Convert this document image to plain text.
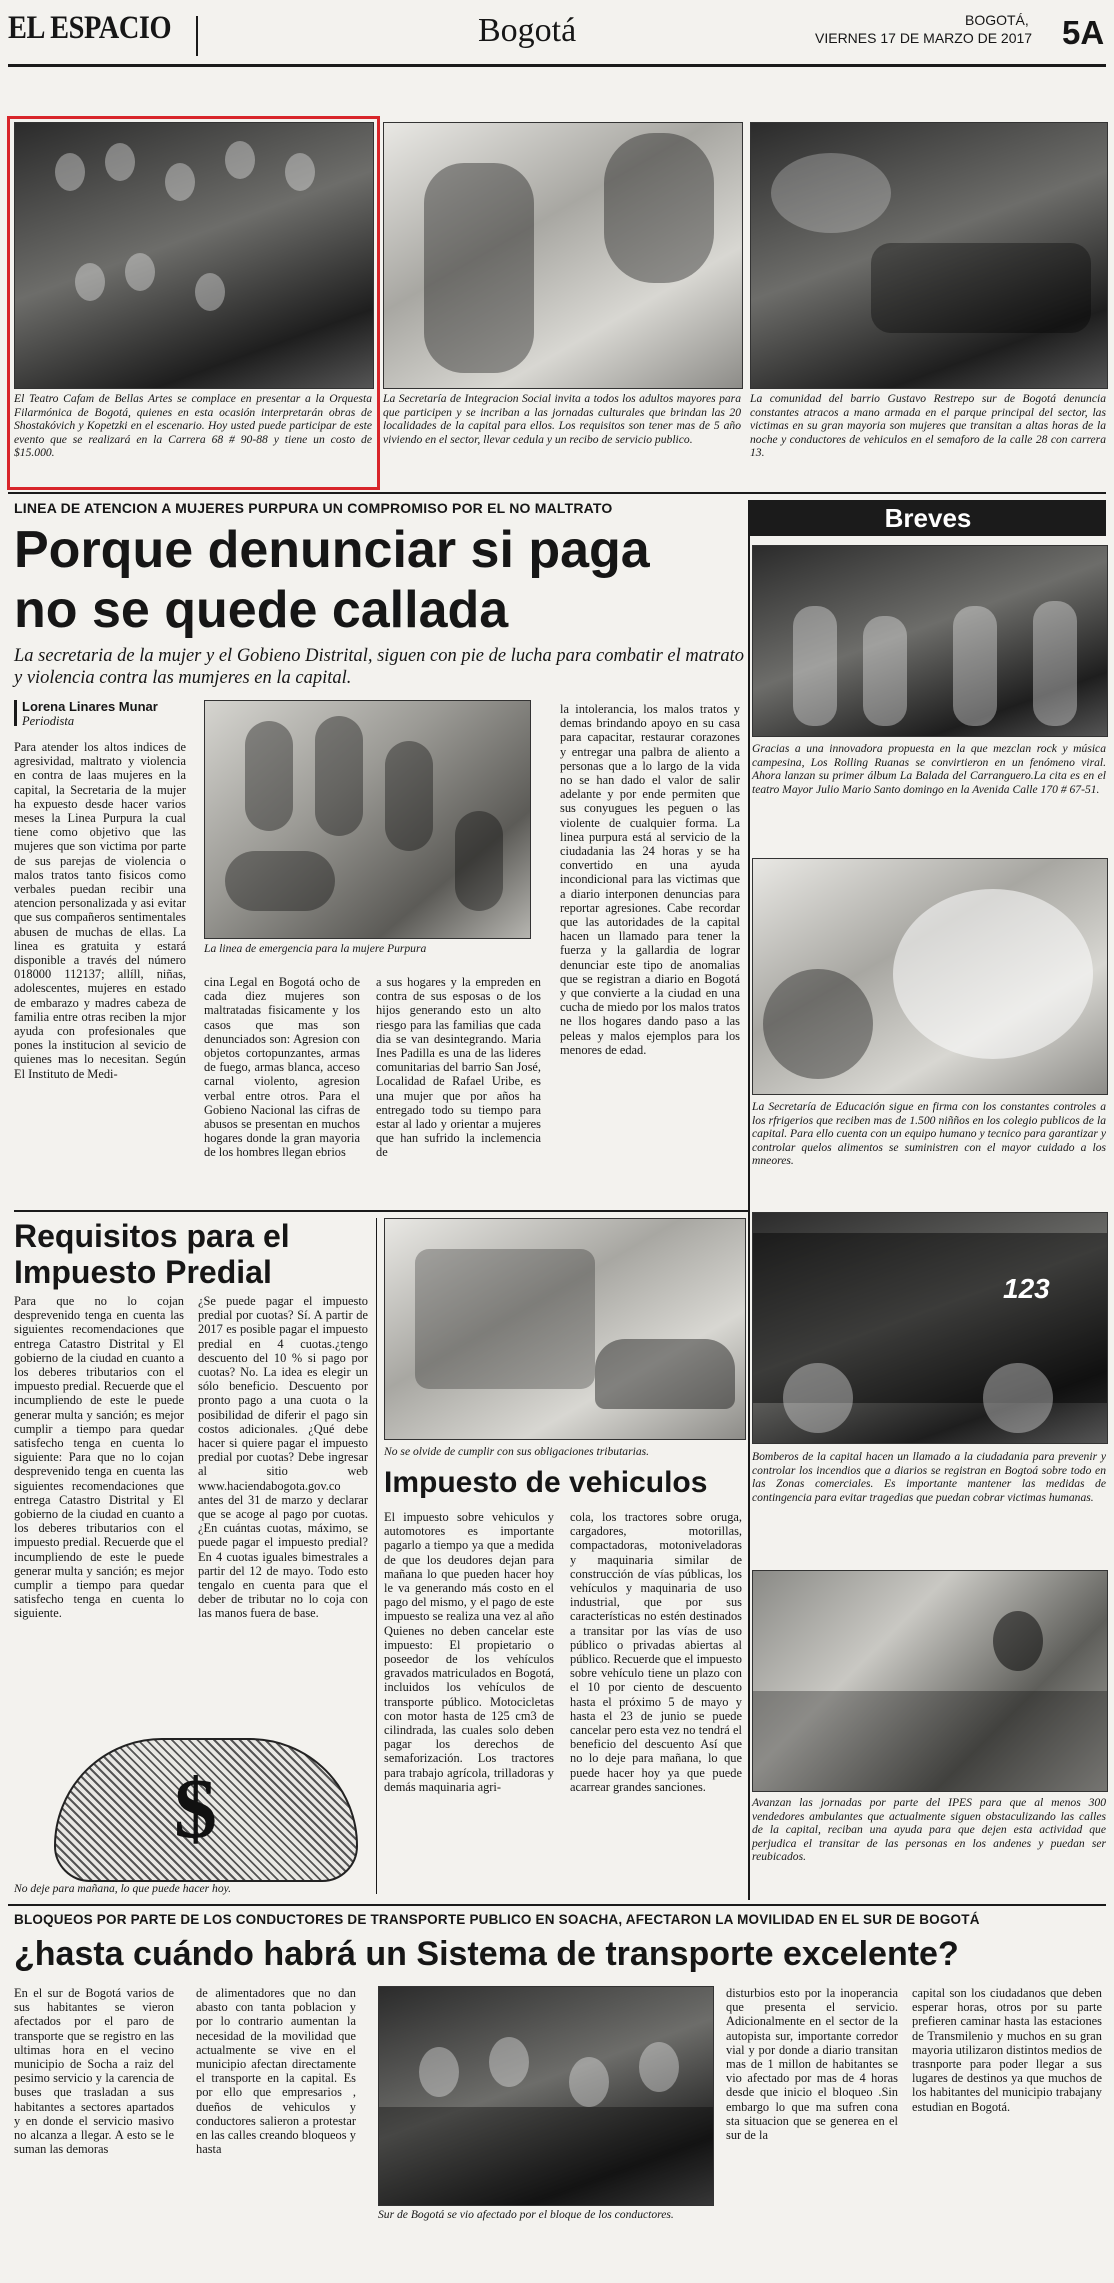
EL ESPACIO	Bogotá	BOGOTÁ,
VIERNES 17 DE MARZO DE 2017 5A
El Teatro Cafam de Bellas Artes se complace en presentar a la Orquesta Filarmónica de Bogotá, quienes en esta ocasión interpretarán obras de Shostakóvich y Kopetzki en el escenario. Hoy usted puede participar de este evento que se realizará en la Carrera 68 # 90-88 y tiene un costo de $15.000.
La Secretaría de Integracion Social invita a todos los adultos mayores para que participen y se incriban a las jornadas culturales que brindan las 20 localidades de la capital para ellos. Los requisitos son tener mas de 5 año viviendo en el sector, llevar cedula y un recibo de servicio publico.
La comunidad del barrio Gustavo Restrepo sur de Bogotá denuncia constantes atracos a mano armada en el parque principal del sector, las victimas en su gran mayoria son mujeres que transitan a altas horas de la noche y conductores de vehiculos en el semaforo de la calle 28 con carrera 13.
LINEA DE ATENCION A MUJERES PURPURA UN COMPROMISO POR EL NO MALTRATO
Porque denunciar si paga
no se quede callada
La secretaria de la mujer y el Gobieno Distrital, siguen con pie de lucha para combatir el matrato y violencia contra las mumjeres en la capital.
Lorena Linares Munar
Periodista
Para atender los altos indices de agresividad, maltrato y violencia en contra de laas mujeres en la capital, la Secretaria de la mujer ha expuesto desde hacer varios meses la Linea Purpura la cual tiene como objetivo que las mujeres que son victima por parte de sus parejas de violencia o malos tratos tanto fisicos como verbales puedan recibir una atencion personalizada y asi evitar que sus compañeros sentimentales abusen de muchas de ellas. La linea es gratuita y estará disponible a través del número 018000 112137; allíll, niñas, adolescentes, mujeres en estado de embarazo y madres cabeza de familia entre otras reciben la mjor ayuda con profesionales que pones la institucion al sevicio de quienes mas lo necesitan. Según El Instituto de Medi-
La linea de emergencia para la mujere Purpura
la intolerancia, los malos tratos y demas brindando apoyo en su casa para capacitar, restaurar corazones y entregar una palbra de aliento a personas que a lo largo de la vida no se han dado el valor de salir adelante y por ende permiten que sus conyugues les peguen o las violente de cualquier forma. La linea purpura está al servicio de la ciudadania las 24 horas y se ha convertido en una ayuda incondicional para las victimas que a diario interponen denuncias para reportar agresiones. Cabe recordar que las autoridades de la capital hacen un llamado para tener la fuerza y la gallardia de lograr denunciar este tipo de anomalias que se registran a diario en Bogotá y que convierte a la ciudad en una cucha de miedo por los malos tratos ne llos hogares dando paso a las peleas y malos ejemplos para los menores de edad.
cina Legal en Bogotá ocho de cada diez mujeres son maltratadas fisicamente y los casos que mas son denunciados son: Agresion con objetos cortopunzantes, armas de fuego, armas blanca, acceso carnal violento, agresion verbal entre otros. Para el Gobieno Nacional las cifras de abusos se presentan en muchos hogares donde la gran mayoria de los hombres llegan ebrios
a sus hogares y la empreden en contra de sus esposas o de los hijos generando esto un alto riesgo para las familias que cada dia se van desintegrando. Maria Ines Padilla es una de las lideres comunitarias del barrio San José, Localidad de Rafael Uribe, es una mujer que por años ha entregado todo su tiempo para estar al lado y orientar a mujeres que han sufrido la inclemencia de
Breves
Gracias a una innovadora propuesta en la que mezclan rock y música campesina, Los Rolling Ruanas se convirtieron en un fenómeno viral. Ahora lanzan su primer álbum La Balada del Carranguero.La cita es en el teatro Mayor Julio Mario Santo domingo en la Avenida Calle 170 # 67-51.
La Secretaría de Educación sigue en firma con los constantes controles a los rfrigerios que reciben mas de 1.500 niñños en los colegio publicos de la capital. Para ello cuenta con un equipo humano y tecnico para garantizar y controlar quelos alimentos se suministren con el mayor cuidado a los mneores.
123
Bomberos de la capital hacen un llamado a la ciudadania para prevenir y controlar los incendios que a diarios se registran en Bogtoá sobre todo en las Zonas comerciales. Es importante mantener las medidas de contingencia para evitar tragedias que puedan cobrar victimas humanas.
Avanzan las jornadas por parte del IPES para que al menos 300 vendedores ambulantes que actualmente siguen obstaculizando las calles de la capital, reciban una ayuda para que dejen esta actividad que perjudica el transitar de las personas en los andenes y puedan ser reubicados.
Requisitos para el
Impuesto Predial
Para que no lo cojan desprevenido tenga en cuenta las siguientes recomendaciones que entrega Catastro Distrital y El gobierno de la ciudad en cuanto a los deberes tributarios con el impuesto predial. Recuerde que el incumpliendo de este le puede generar multa y sanción; es mejor cumplir a tiempo para quedar satisfecho tenga en cuenta lo siguiente: Para que no lo cojan desprevenido tenga en cuenta las siguientes recomendaciones que entrega Catastro Distrital y El gobierno de la ciudad en cuanto a los deberes tributarios con el impuesto predial. Recuerde que el incumpliendo de este le puede generar multa y sanción; es mejor cumplir a tiempo para quedar satisfecho tenga en cuenta lo siguiente.
¿Se puede pagar el impuesto predial por cuotas? Sí. A partir de 2017 es posible pagar el impuesto predial en 4 cuotas.¿tengo descuento del 10 % si pago por cuotas? No. La idea es elegir un sólo beneficio. Descuento por pronto pago a una cuota o la posibilidad de diferir el pago sin costos adicionales. ¿Qué debe hacer si quiere pagar el impuesto predial por cuotas? Debe ingresar al sitio web www.haciendabogota.gov.co antes del 31 de marzo y declarar que se acoge al pago por cuotas. ¿En cuántas cuotas, máximo, se puede pagar el impuesto predial? En 4 cuotas iguales bimestrales a partir del 12 de mayo. Todo esto tengalo en cuenta para que el deber de tributar no lo coja con las manos fuera de base.
$
No deje para mañana, lo que puede hacer hoy.
No se olvide de cumplir con sus obligaciones tributarias.
Impuesto de vehiculos
El impuesto sobre vehiculos y automotores es importante pagarlo a tiempo ya que a medida de que los deudores dejan para mañana lo que pueden hacer hoy le va generando más costo en el pago del mismo, y el pago de este impuesto se realiza una vez al año Quienes no deben cancelar este impuesto: El propietario o poseedor de los vehículos gravados matriculados en Bogotá, incluidos los vehículos de transporte público. Motocicletas con motor hasta de 125 cm3 de cilindrada, las cuales solo deben pagar los derechos de semaforización. Los tractores para trabajo agrícola, trilladoras y demás maquinaria agri-
cola, los tractores sobre oruga, cargadores, motorillas, compactadoras, motoniveladoras y maquinaria similar de construcción de vías públicas, los vehículos y maquinaria de uso industrial, que por sus características no estén destinados a transitar por las vías de uso público o privadas abiertas al público. Recuerde que el impuesto sobre vehículo tiene un plazo con el 10 por ciento de descuento hasta el próximo 5 de mayo y hasta el 23 de junio se puede cancelar pero esta vez no tendrá el beneficio del descuento Así que no lo deje para mañana, lo que puede hacer hoy ya que puede acarrear grandes sanciones.
BLOQUEOS POR PARTE DE LOS CONDUCTORES DE TRANSPORTE PUBLICO EN SOACHA, AFECTARON LA MOVILIDAD EN EL SUR DE BOGOTÁ
¿hasta cuándo habrá un Sistema de transporte excelente?
En el sur de Bogotá varios de sus habitantes se vieron afectados por el paro de transporte que se registro en las ultimas hora en el vecino municipio de Socha a raiz del pesimo servicio y la carencia de buses que trasladan a sus habitantes a sectores apartados y en donde el servicio masivo no alcanza a llegar. A esto se le suman las demoras
de alimentadores que no dan abasto con tanta poblacion y por lo contrario aumentan la necesidad de la movilidad que actualmente se vive en el municipio afectan directamente el transporte en la capital. Es por ello que empresarios , dueños de vehiculos y conductores salieron a protestar en las calles creando bloqueos y hasta
Sur de Bogotá se vio afectado por el bloque de los conductores.
disturbios esto por la inoperancia que presenta el servicio. Adicionalmente en el sector de la autopista sur, importante corredor vial y por donde a diario transitan mas de 1 millon de habitantes se vio afectado por mas de 4 horas desde que inicio el bloqueo .Sin embargo lo que ma sufren cona sta situacion que se generea en el sur de la
capital son los ciudadanos que deben esperar horas, otros por su parte prefieren caminar hasta las estaciones de Transmilenio y muchos en su gran mayoria utilizaron distintos medios de trasnporte para poder llegar a sus lugares de destinos ya que muchos de los habitantes del municipio trabajany estudian en Bogotá.
